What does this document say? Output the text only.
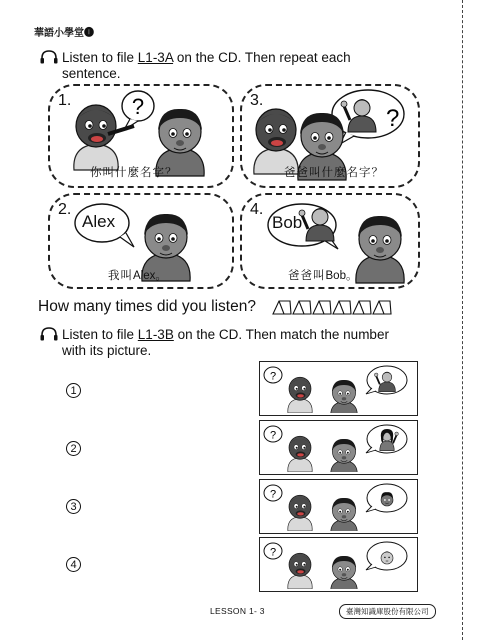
華語小學堂❶
Listen to file L1-3A on the CD. Then repeat each
sentence.
1.	?
你叫什麼名字？
3.
?
爸爸叫什麼名字？
2.
Alex
我叫Alex。
4.
Bob
爸爸叫Bob。
How many times did you listen?
Listen to file L1-3B on the CD. Then match the number
with its picture.
1
2
3
4
?
?
?
?
LESSON 1- 3	臺灣知識庫股份有限公司
